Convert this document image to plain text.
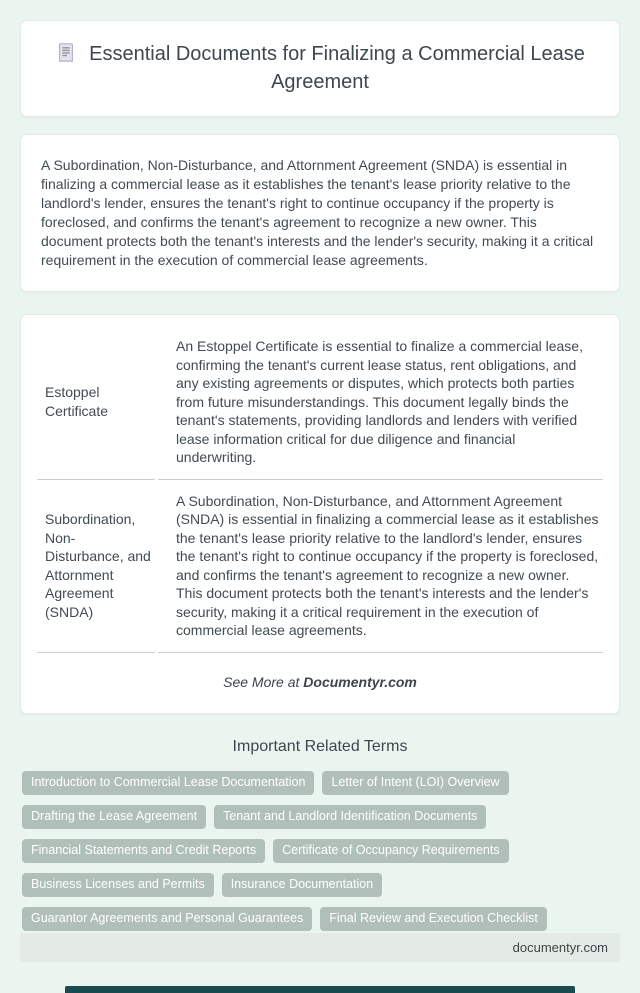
Essential Documents for Finalizing a Commercial Lease Agreement

A Subordination, Non-Disturbance, and Attornment Agreement (SNDA) is essential in finalizing a commercial lease as it establishes the tenant's lease priority relative to the landlord's lender, ensures the tenant's right to continue occupancy if the property is foreclosed, and confirms the tenant's agreement to recognize a new owner. This document protects both the tenant's interests and the lender's security, making it a critical requirement in the execution of commercial lease agreements.

Estoppel Certificate	An Estoppel Certificate is essential to finalize a commercial lease, confirming the tenant's current lease status, rent obligations, and any existing agreements or disputes, which protects both parties from future misunderstandings. This document legally binds the tenant's statements, providing landlords and lenders with verified lease information critical for due diligence and financial underwriting.
Subordination, Non-Disturbance, and Attornment Agreement (SNDA)	A Subordination, Non-Disturbance, and Attornment Agreement (SNDA) is essential in finalizing a commercial lease as it establishes the tenant's lease priority relative to the landlord's lender, ensures the tenant's right to continue occupancy if the property is foreclosed, and confirms the tenant's agreement to recognize a new owner. This document protects both the tenant's interests and the lender's security, making it a critical requirement in the execution of commercial lease agreements.
See More at Documentyr.com
Important Related Terms
Introduction to Commercial Lease Documentation	Letter of Intent (LOI) Overview
Drafting the Lease Agreement	Tenant and Landlord Identification Documents
Financial Statements and Credit Reports	Certificate of Occupancy Requirements
Business Licenses and Permits	Insurance Documentation
Guarantor Agreements and Personal Guarantees	Final Review and Execution Checklist
documentyr.com
